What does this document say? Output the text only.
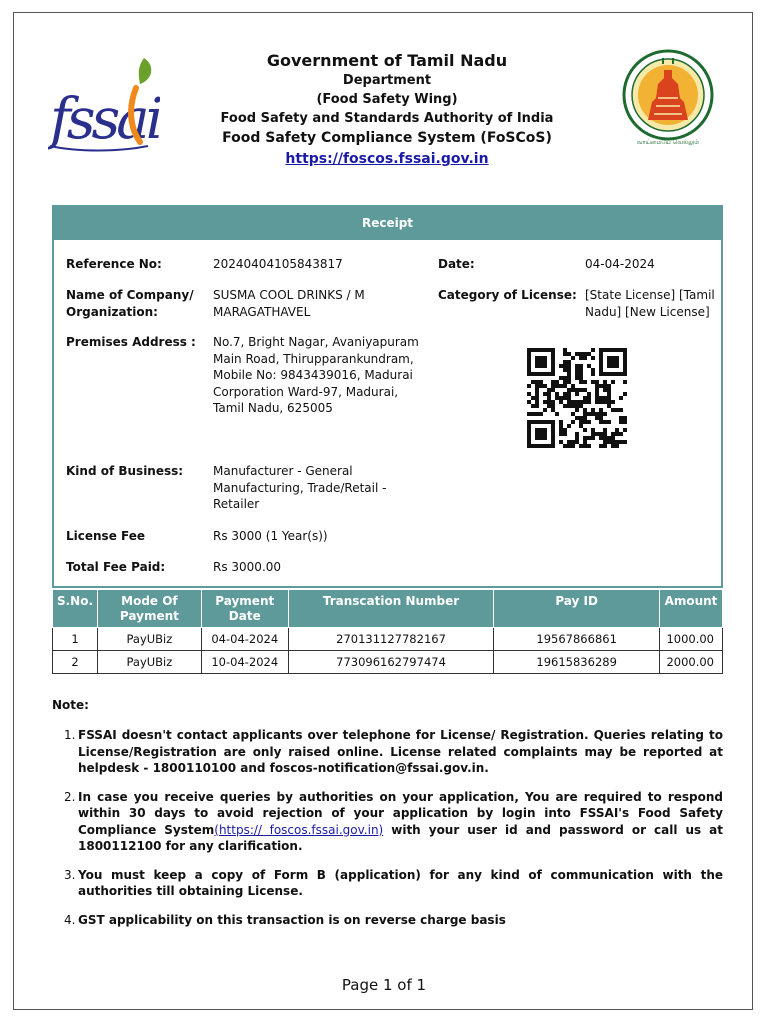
fssai
Government of Tamil Nadu
Department
(Food Safety Wing)
Food Safety and Standards Authority of India
Food Safety Compliance System (FoSCoS)
https://foscos.fssai.gov.in
வாய்மையே வெல்லும்
Receipt
Reference No:	20240404105843817	Date:	04-04-2024
Name of Company/ Organization:
SUSMA COOL DRINKS / M MARAGATHAVEL
Category of License: [State License] [Tamil Nadu] [New License]
Premises Address : No.7, Bright Nagar, Avaniyapuram Main Road, Thirupparankundram, Mobile No: 9843439016, Madurai Corporation Ward-97, Madurai, Tamil Nadu, 625005
Kind of Business: Manufacturer - General Manufacturing, Trade/Retail - Retailer
License Fee	Rs 3000 (1 Year(s))
Total Fee Paid:	Rs 3000.00
S.No.	Mode Of Payment	Payment Date	Transcation Number	Pay ID	Amount
1	PayUBiz	04-04-2024	270131127782167	19567866861	1000.00
2	PayUBiz	10-04-2024	773096162797474	19615836289	2000.00
Note:
1. FSSAI doesn't contact applicants over telephone for License/ Registration. Queries relating to License/Registration are only raised online. License related complaints may be reported at helpdesk - 1800110100 and foscos-notification@fssai.gov.in.
2. In case you receive queries by authorities on your application, You are required to respond within 30 days to avoid rejection of your application by login into FSSAI's Food Safety Compliance System(https:// foscos.fssai.gov.in) with your user id and password or call us at 1800112100 for any clarification.
3. You must keep a copy of Form B (application) for any kind of communication with the authorities till obtaining License.
4. GST applicability on this transaction is on reverse charge basis
Page 1 of 1
